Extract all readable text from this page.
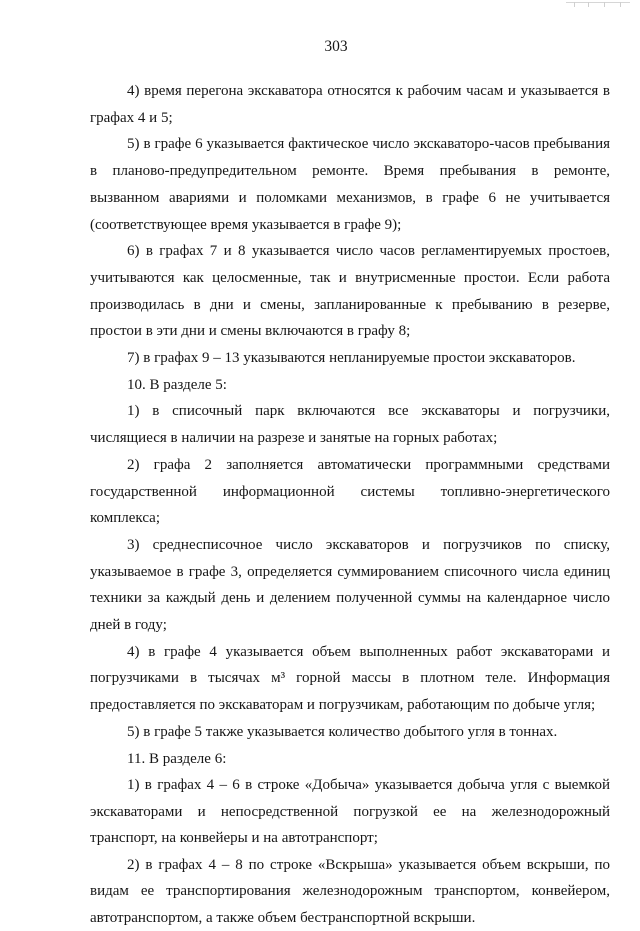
303

4) время перегона экскаватора относятся к рабочим часам и указывается в графах 4 и 5;

5) в графе 6 указывается фактическое число экскаваторо-часов пребывания в планово-предупредительном ремонте. Время пребывания в ремонте, вызванном авариями и поломками механизмов, в графе 6 не учитывается (соответствующее время указывается в графе 9);

6) в графах 7 и 8 указывается число часов регламентируемых простоев, учитываются как целосменные, так и внутрисменные простои. Если работа производилась в дни и смены, запланированные к пребыванию в резерве, простои в эти дни и смены включаются в графу 8;

7) в графах 9 – 13 указываются непланируемые простои экскаваторов.

10. В разделе 5:

1) в списочный парк включаются все экскаваторы и погрузчики, числящиеся в наличии на разрезе и занятые на горных работах;

2) графа 2 заполняется автоматически программными средствами государственной информационной системы топливно-энергетического комплекса;

3) среднесписочное число экскаваторов и погрузчиков по списку, указываемое в графе 3, определяется суммированием списочного числа единиц техники за каждый день и делением полученной суммы на календарное число дней в году;

4) в графе 4 указывается объем выполненных работ экскаваторами и погрузчиками в тысячах м³ горной массы в плотном теле. Информация предоставляется по экскаваторам и погрузчикам, работающим по добыче угля;

5) в графе 5 также указывается количество добытого угля в тоннах.

11. В разделе 6:

1) в графах 4 – 6 в строке «Добыча» указывается добыча угля с выемкой экскаваторами и непосредственной погрузкой ее на железнодорожный транспорт, на конвейеры и на автотранспорт;

2) в графах 4 – 8 по строке «Вскрыша» указывается объем вскрыши, по видам ее транспортирования железнодорожным транспортом, конвейером, автотранспортом, а также объем бестранспортной вскрыши.
